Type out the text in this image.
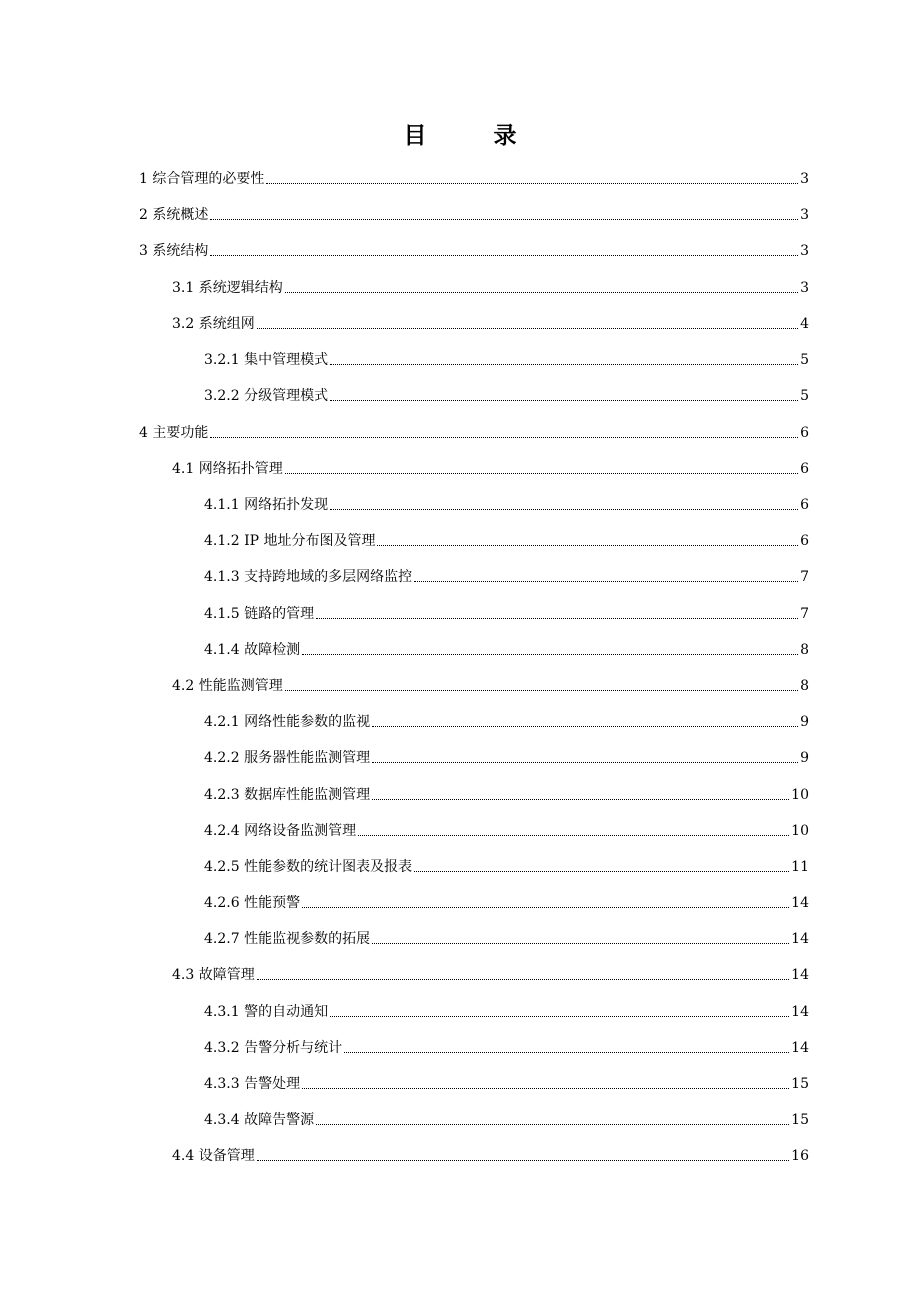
目　录
1 综合管理的必要性	3
2 系统概述	3
3 系统结构	3
3.1 系统逻辑结构	3
3.2 系统组网	4
3.2.1 集中管理模式	5
3.2.2 分级管理模式	5
4 主要功能	6
4.1 网络拓扑管理	6
4.1.1 网络拓扑发现	6
4.1.2 IP 地址分布图及管理	6
4.1.3 支持跨地域的多层网络监控	7
4.1.5 链路的管理	7
4.1.4 故障检测	8
4.2 性能监测管理	8
4.2.1 网络性能参数的监视	9
4.2.2 服务器性能监测管理	9
4.2.3 数据库性能监测管理	10
4.2.4 网络设备监测管理	10
4.2.5 性能参数的统计图表及报表	11
4.2.6 性能预警	14
4.2.7 性能监视参数的拓展	14
4.3 故障管理	14
4.3.1 警的自动通知	14
4.3.2 告警分析与统计	14
4.3.3 告警处理	15
4.3.4 故障告警源	15
4.4 设备管理	16
